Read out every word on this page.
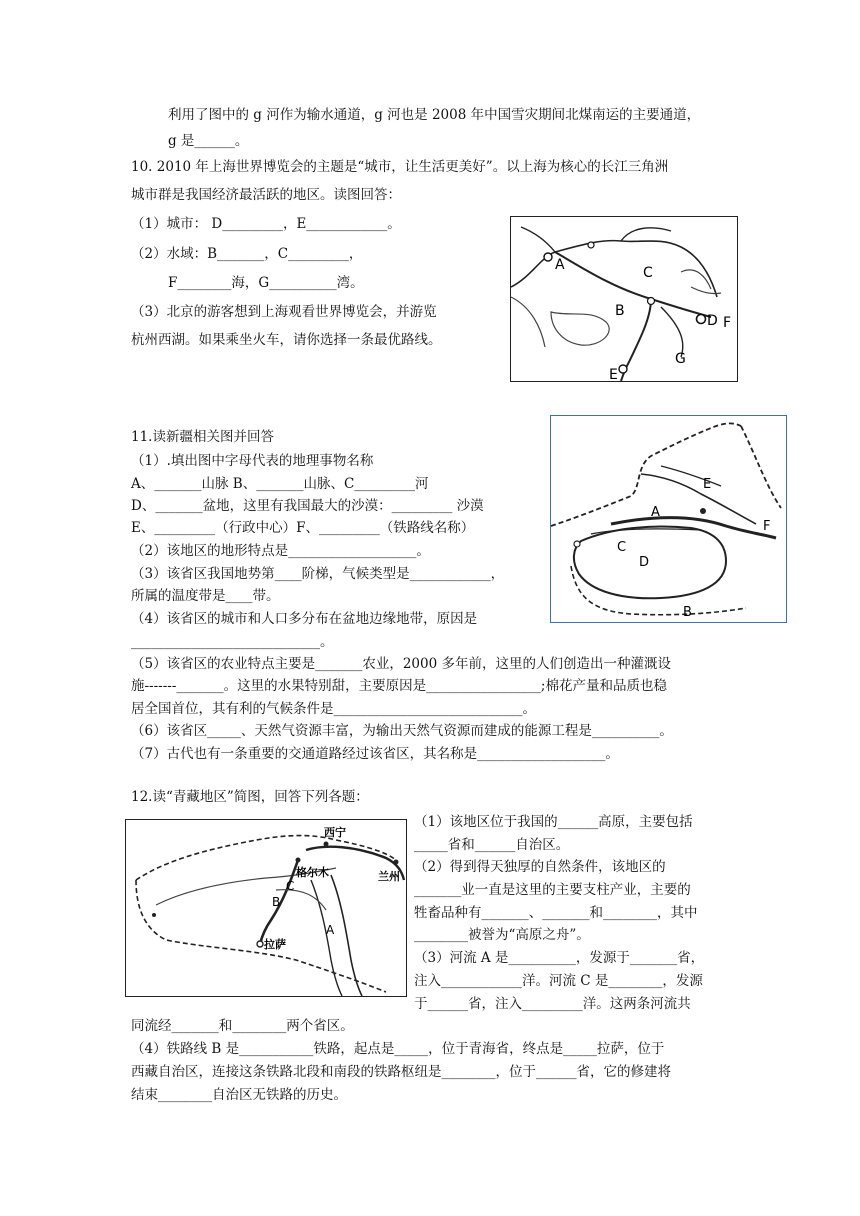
利用了图中的 g 河作为输水通道，g 河也是 2008 年中国雪灾期间北煤南运的主要通道，
g 是______。
10. 2010 年上海世界博览会的主题是“城市，让生活更美好”。以上海为核心的长江三角洲
城市群是我国经济最活跃的地区。读图回答：
（1）城市： D_________，E____________。
（2）水域：B_______，C_________，
F________海，G__________湾。
（3）北京的游客想到上海观看世界博览会，并游览
杭州西湖。如果乘坐火车，请你选择一条最优路线。
A
B
C
D
E
F
G
11.读新疆相关图并回答
（1）.填出图中字母代表的地理事物名称
A、_______山脉 B、_______山脉、C_________河
D、_______盆地，这里有我国最大的沙漠：_________ 沙漠
E、_________（行政中心）F、_________（铁路线名称）
（2）该地区的地形特点是___________________。
（3）该省区我国地势第____阶梯，气候类型是____________，
所属的温度带是____带。
（4）该省区的城市和人口多分布在盆地边缘地带，原因是
____________________________。
（5）该省区的农业特点主要是_______农业，2000 多年前，这里的人们创造出一种灌溉设
施-------_______。这里的水果特别甜，主要原因是_________________;棉花产量和品质也稳
居全国首位，其有利的气候条件是____________________________。
（6）该省区_____、天然气资源丰富，为输出天然气资源而建成的能源工程是__________。
（7）古代也有一条重要的交通道路经过该省区，其名称是___________________。
A
B
C
D
E
F
12.读“青藏地区”简图，回答下列各题：
西宁
格尔木	兰州
拉萨
A
B
C
（1）该地区位于我国的______高原，主要包括
_____省和______自治区。
（2）得到得天独厚的自然条件，该地区的
_______业一直是这里的主要支柱产业，主要的
牲畜品种有_______、_______和________，其中
________被誉为“高原之舟”。
（3）河流 A 是__________，发源于_______省，
注入____________洋。河流 C 是________，发源
于______省，注入_________洋。这两条河流共
同流经_______和________两个省区。
（4）铁路线 B 是___________铁路，起点是_____，位于青海省，终点是_____拉萨，位于
西藏自治区，连接这条铁路北段和南段的铁路枢纽是________，位于______省，它的修建将
结束________自治区无铁路的历史。
